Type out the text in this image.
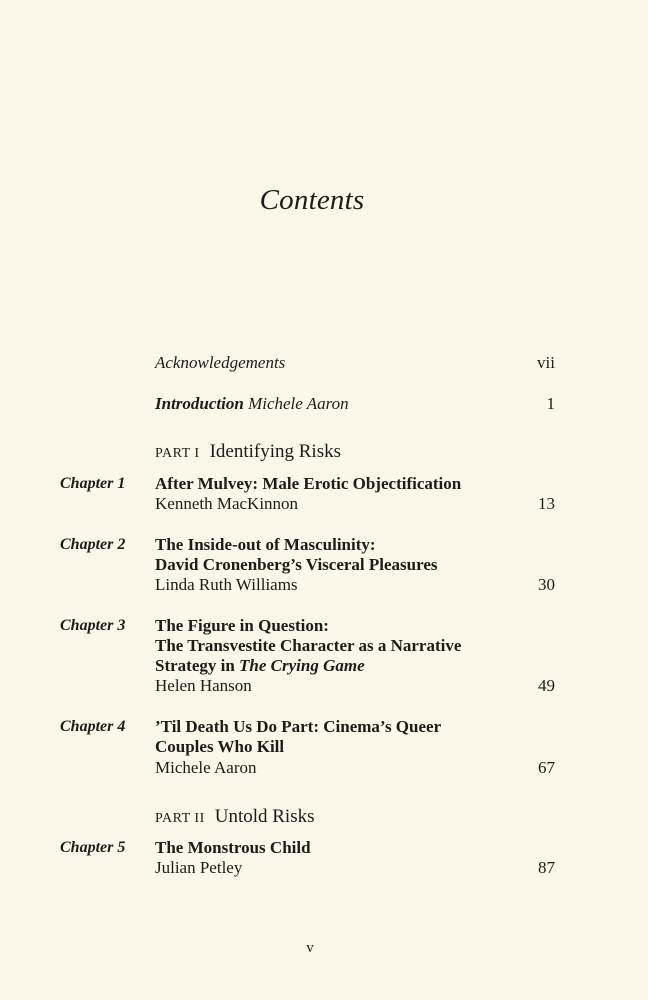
Contents
Acknowledgements	vii
Introduction Michele Aaron	1
PART I Identifying Risks
Chapter 1 After Mulvey: Male Erotic Objectification
Kenneth MacKinnon	13
Chapter 2 The Inside-out of Masculinity:
David Cronenberg’s Visceral Pleasures
Linda Ruth Williams	30
Chapter 3 The Figure in Question:
The Transvestite Character as a Narrative
Strategy in The Crying Game
Helen Hanson	49
Chapter 4 ’Til Death Us Do Part: Cinema’s Queer
Couples Who Kill
Michele Aaron	67
PART II Untold Risks
Chapter 5 The Monstrous Child
Julian Petley	87
v
